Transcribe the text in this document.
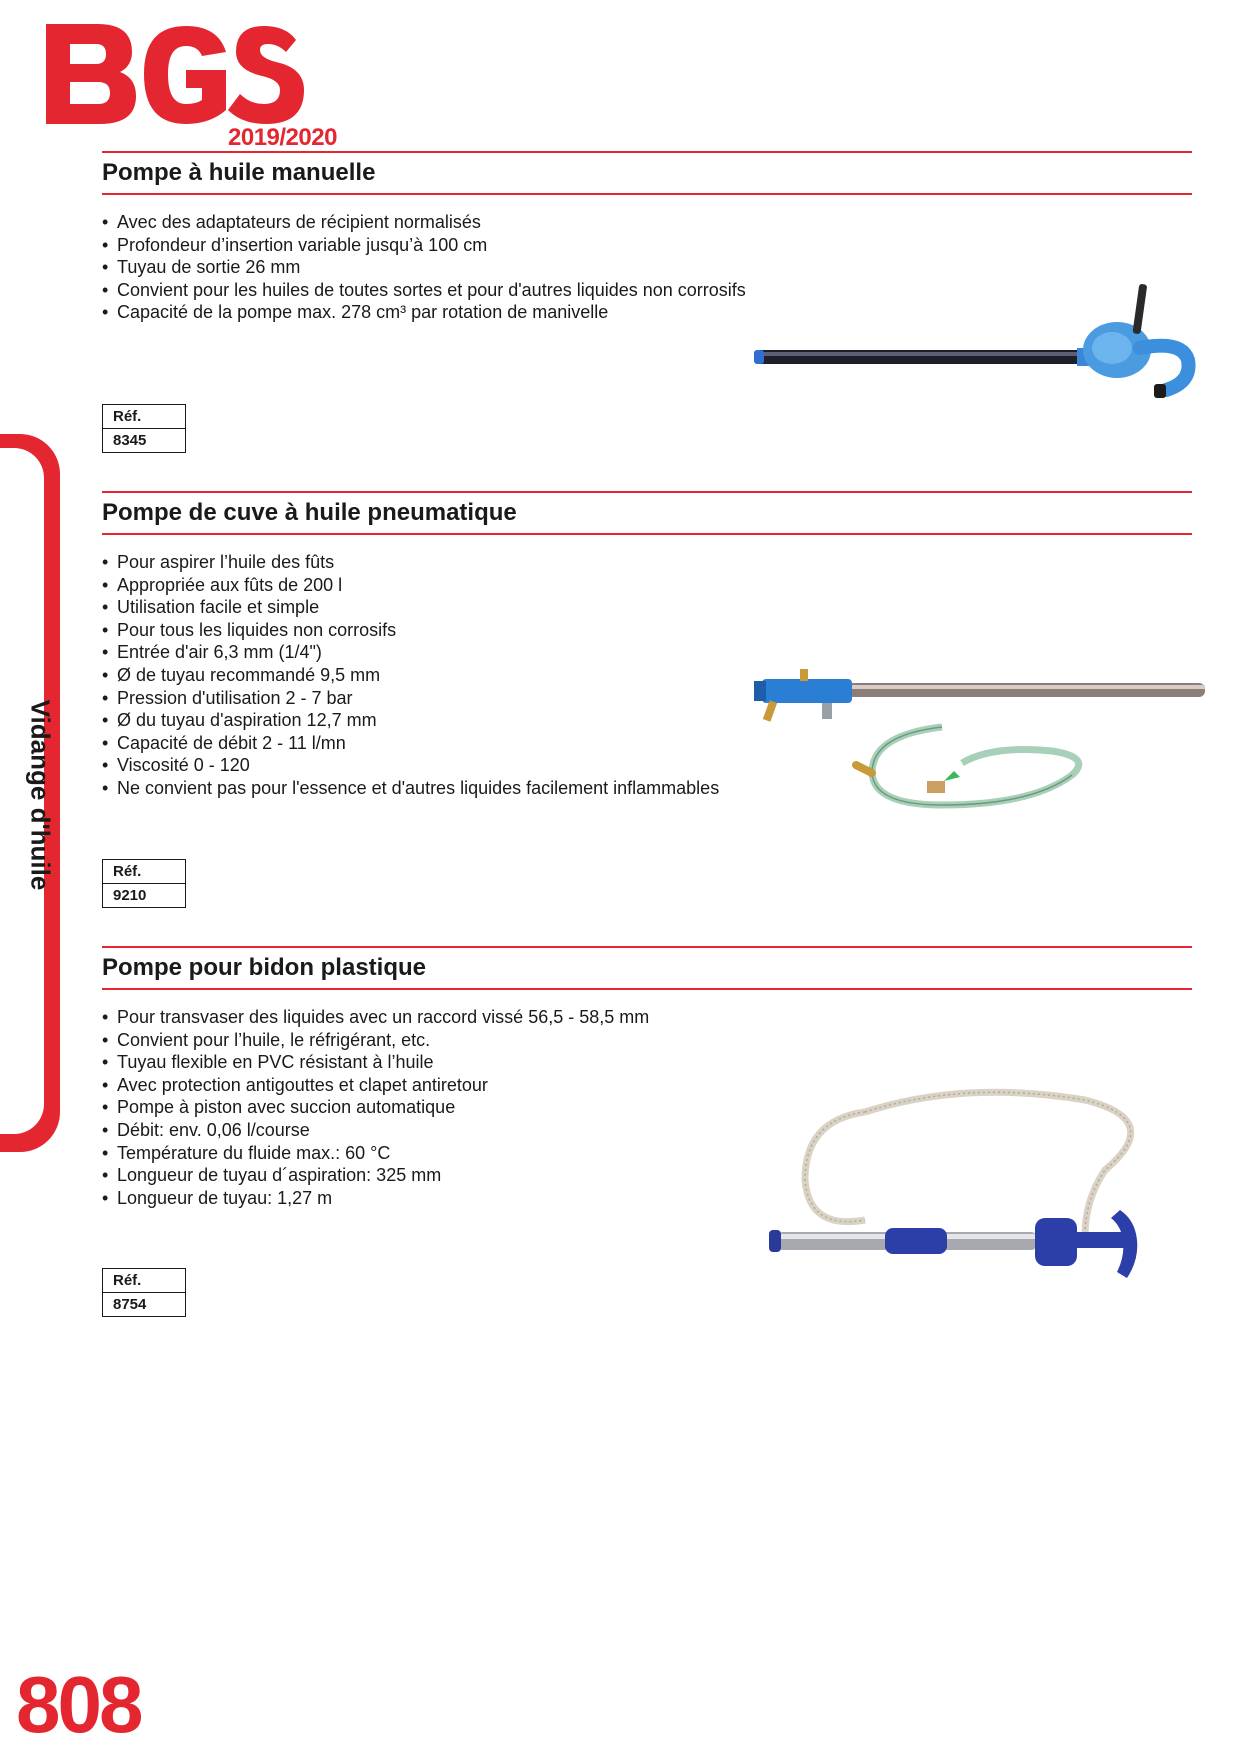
2019/2020
Vidange d'huile
Pompe à huile manuelle
• Avec des adaptateurs de récipient normalisés
• Profondeur d’insertion variable jusqu’à 100 cm
• Tuyau de sortie 26 mm
• Convient pour les huiles de toutes sortes et pour d'autres liquides non corrosifs
• Capacité de la pompe max. 278 cm³ par rotation de manivelle
Réf.
8345
Pompe de cuve à huile pneumatique
• Pour aspirer l’huile des fûts
• Appropriée aux fûts de 200 l
• Utilisation facile et simple
• Pour tous les liquides non corrosifs
• Entrée d'air 6,3 mm (1/4")
• Ø de tuyau recommandé 9,5 mm
• Pression d'utilisation 2 - 7 bar
• Ø du tuyau d'aspiration 12,7 mm
• Capacité de débit 2 - 11 l/mn
• Viscosité 0 - 120
• Ne convient pas pour l'essence et d'autres liquides facilement inflammables
Réf.
9210
Pompe pour bidon plastique
• Pour transvaser des liquides avec un raccord vissé 56,5 - 58,5 mm
• Convient pour l’huile, le réfrigérant, etc.
• Tuyau flexible en PVC résistant à l’huile
• Avec protection antigouttes et clapet antiretour
• Pompe à piston avec succion automatique
• Débit: env. 0,06 l/course
• Température du fluide max.: 60 °C
• Longueur de tuyau d´aspiration: 325 mm
• Longueur de tuyau: 1,27 m
Réf.
8754
808
